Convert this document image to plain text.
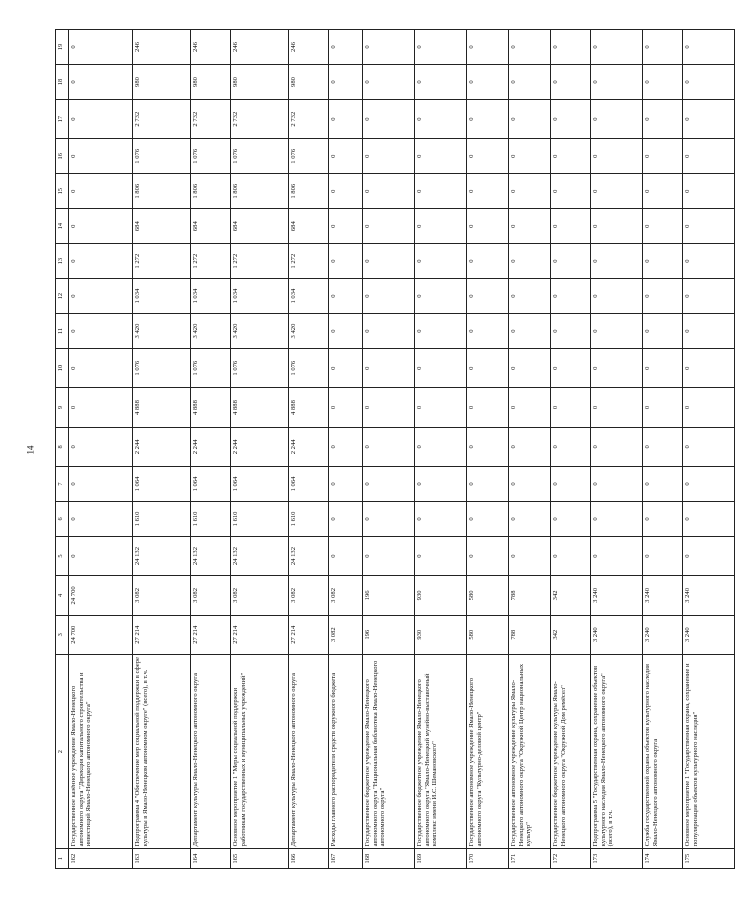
14
1	2	3	4	5	6	7	8	9	10	11	12	13	14	15	16	17	18	19
162	Государственное казённое учреждение Ямало-Ненецкого автономного округа "Дирекция капитального строительства и инвестиций Ямало-Ненецкого автономного округа"	24 700	24 700	0	0	0	0	0	0	0	0	0	0	0	0	0	0	0
163	Подпрограмма 4 "Обеспечение мер социальной поддержки в сфере культуры в Ямало-Ненецком автономном округе" (всего), в т.ч.	27 214	3 082	24 132	1 610	1 064	2 244	4 888	1 076	3 420	1 034	1 272	684	1 806	1 076	2 732	980	246
164	Департамент культуры Ямало-Ненецкого автономного округа	27 214	3 082	24 132	1 610	1 064	2 244	4 888	1 076	3 420	1 034	1 272	684	1 806	1 076	2 732	980	246
165	Основное мероприятие 1 "Меры социальной поддержки работникам государственных и муниципальных учреждений"	27 214	3 082	24 132	1 610	1 064	2 244	4 888	1 076	3 420	1 034	1 272	684	1 806	1 076	2 732	980	246
166	Департамент культуры Ямало-Ненецкого автономного округа	27 214	3 082	24 132	1 610	1 064	2 244	4 888	1 076	3 420	1 034	1 272	684	1 806	1 076	2 732	980	246
167	Расходы главного распорядителя средств окружного бюджета	3 082	3 082	0	0	0	0	0	0	0	0	0	0	0	0	0	0	0
168	Государственное бюджетное учреждение Ямало-Ненецкого автономного округа "Национальная библиотека Ямало-Ненецкого автономного округа"	196	196	0	0	0	0	0	0	0	0	0	0	0	0	0	0	0
169	Государственное бюджетное учреждение Ямало-Ненецкого автономного округа "Ямало-Ненецкий музейно-выставочный комплекс имени И.С. Шемановского"	930	930	0	0	0	0	0	0	0	0	0	0	0	0	0	0	0
170	Государственное автономное учреждение Ямало-Ненецкого автономного округа "Культурно-деловой центр"	580	580	0	0	0	0	0	0	0	0	0	0	0	0	0	0	0
171	Государственное автономное учреждение культуры Ямало-Ненецкого автономного округа "Окружной Центр национальных культур"	788	788	0	0	0	0	0	0	0	0	0	0	0	0	0	0	0
172	Государственное бюджетное учреждение культуры Ямало-Ненецкого автономного округа "Окружной Дом ремёсел"	342	342	0	0	0	0	0	0	0	0	0	0	0	0	0	0	0
173	Подпрограмма 5 "Государственная охрана, сохранение объектов культурного наследия Ямало-Ненецкого автономного округа" (всего), в т.ч.	3 240	3 240	0	0	0	0	0	0	0	0	0	0	0	0	0	0	0
174	Служба государственной охраны объектов культурного наследия Ямало-Ненецкого автономного округа	3 240	3 240	0	0	0	0	0	0	0	0	0	0	0	0	0	0	0
175	Основное мероприятие 1 "Государственная охрана, сохранение и популяризация объектов культурного наследия"	3 240	3 240	0	0	0	0	0	0	0	0	0	0	0	0	0	0	0
